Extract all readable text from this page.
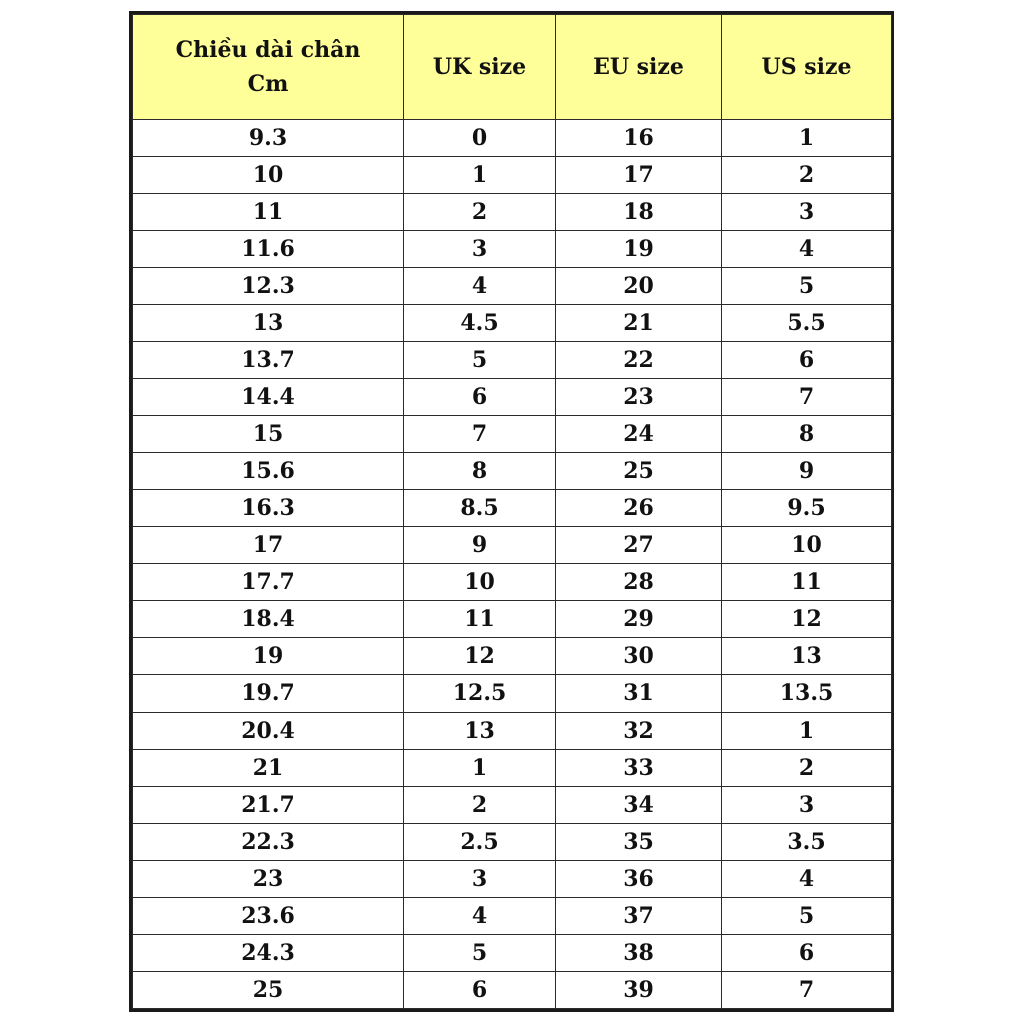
Chiều dài chân
Cm	UK size	EU size	US size
9.3	0	16	1
10	1	17	2
11	2	18	3
11.6	3	19	4
12.3	4	20	5
13	4.5	21	5.5
13.7	5	22	6
14.4	6	23	7
15	7	24	8
15.6	8	25	9
16.3	8.5	26	9.5
17	9	27	10
17.7	10	28	11
18.4	11	29	12
19	12	30	13
19.7	12.5	31	13.5
20.4	13	32	1
21	1	33	2
21.7	2	34	3
22.3	2.5	35	3.5
23	3	36	4
23.6	4	37	5
24.3	5	38	6
25	6	39	7
